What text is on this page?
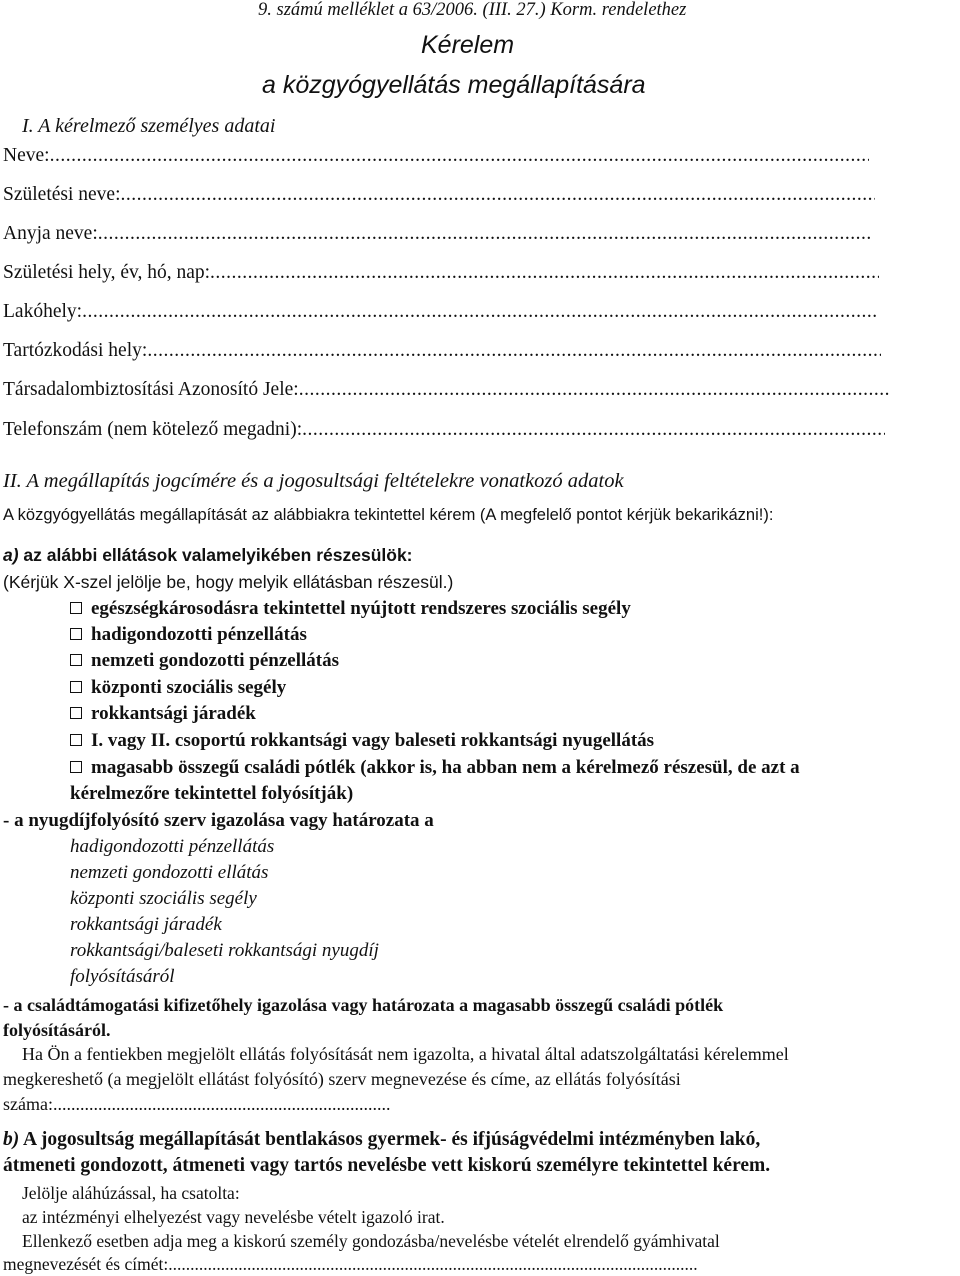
9. számú melléklet a 63/2006. (III. 27.) Korm. rendelethez
Kérelem
a közgyógyellátás megállapítására
I. A kérelmező személyes adatai
Neve:
.....
Születési neve:
.....
Anyja neve:
.....
Születési hely, év, hó, nap:
.....
Lakóhely:
.....
Tartózkodási hely:
.....
Társadalombiztosítási Azonosító Jele:
.....
Telefonszám (nem kötelező megadni):
.....
II. A megállapítás jogcímére és a jogosultsági feltételekre vonatkozó adatok
A közgyógyellátás megállapítását az alábbiakra tekintettel kérem (A megfelelő pontot kérjük bekarikázni!):
a) az alábbi ellátások valamelyikében részesülök:
(Kérjük X-szel jelölje be, hogy melyik ellátásban részesül.)
egészségkárosodásra tekintettel nyújtott rendszeres szociális segély
hadigondozotti pénzellátás
nemzeti gondozotti pénzellátás
központi szociális segély
rokkantsági járadék
I. vagy II. csoportú rokkantsági vagy baleseti rokkantsági nyugellátás
magasabb összegű családi pótlék (akkor is, ha abban nem a kérelmező részesül, de azt a
kérelmezőre tekintettel folyósítják)
- a nyugdíjfolyósító szerv igazolása vagy határozata a
hadigondozotti pénzellátás
nemzeti gondozotti ellátás
központi szociális segély
rokkantsági járadék
rokkantsági/baleseti rokkantsági nyugdíj
folyósításáról
- a családtámogatási kifizetőhely igazolása vagy határozata a magasabb összegű családi pótlék
folyósításáról.
Ha Ön a fentiekben megjelölt ellátás folyósítását nem igazolta, a hivatal által adatszolgáltatási kérelemmel
megkereshető (a megjelölt ellátást folyósító) szerv megnevezése és címe, az ellátás folyósítási
száma:...........................................................................
b) A jogosultság megállapítását bentlakásos gyermek- és ifjúságvédelmi intézményben lakó,
átmeneti gondozott, átmeneti vagy tartós nevelésbe vett kiskorú személyre tekintettel kérem.
Jelölje aláhúzással, ha csatolta:
az intézményi elhelyezést vagy nevelésbe vételt igazoló irat.
Ellenkező esetben adja meg a kiskorú személy gondozásba/nevelésbe vételét elrendelő gyámhivatal
megnevezését és címét:.........................................................................................................................
